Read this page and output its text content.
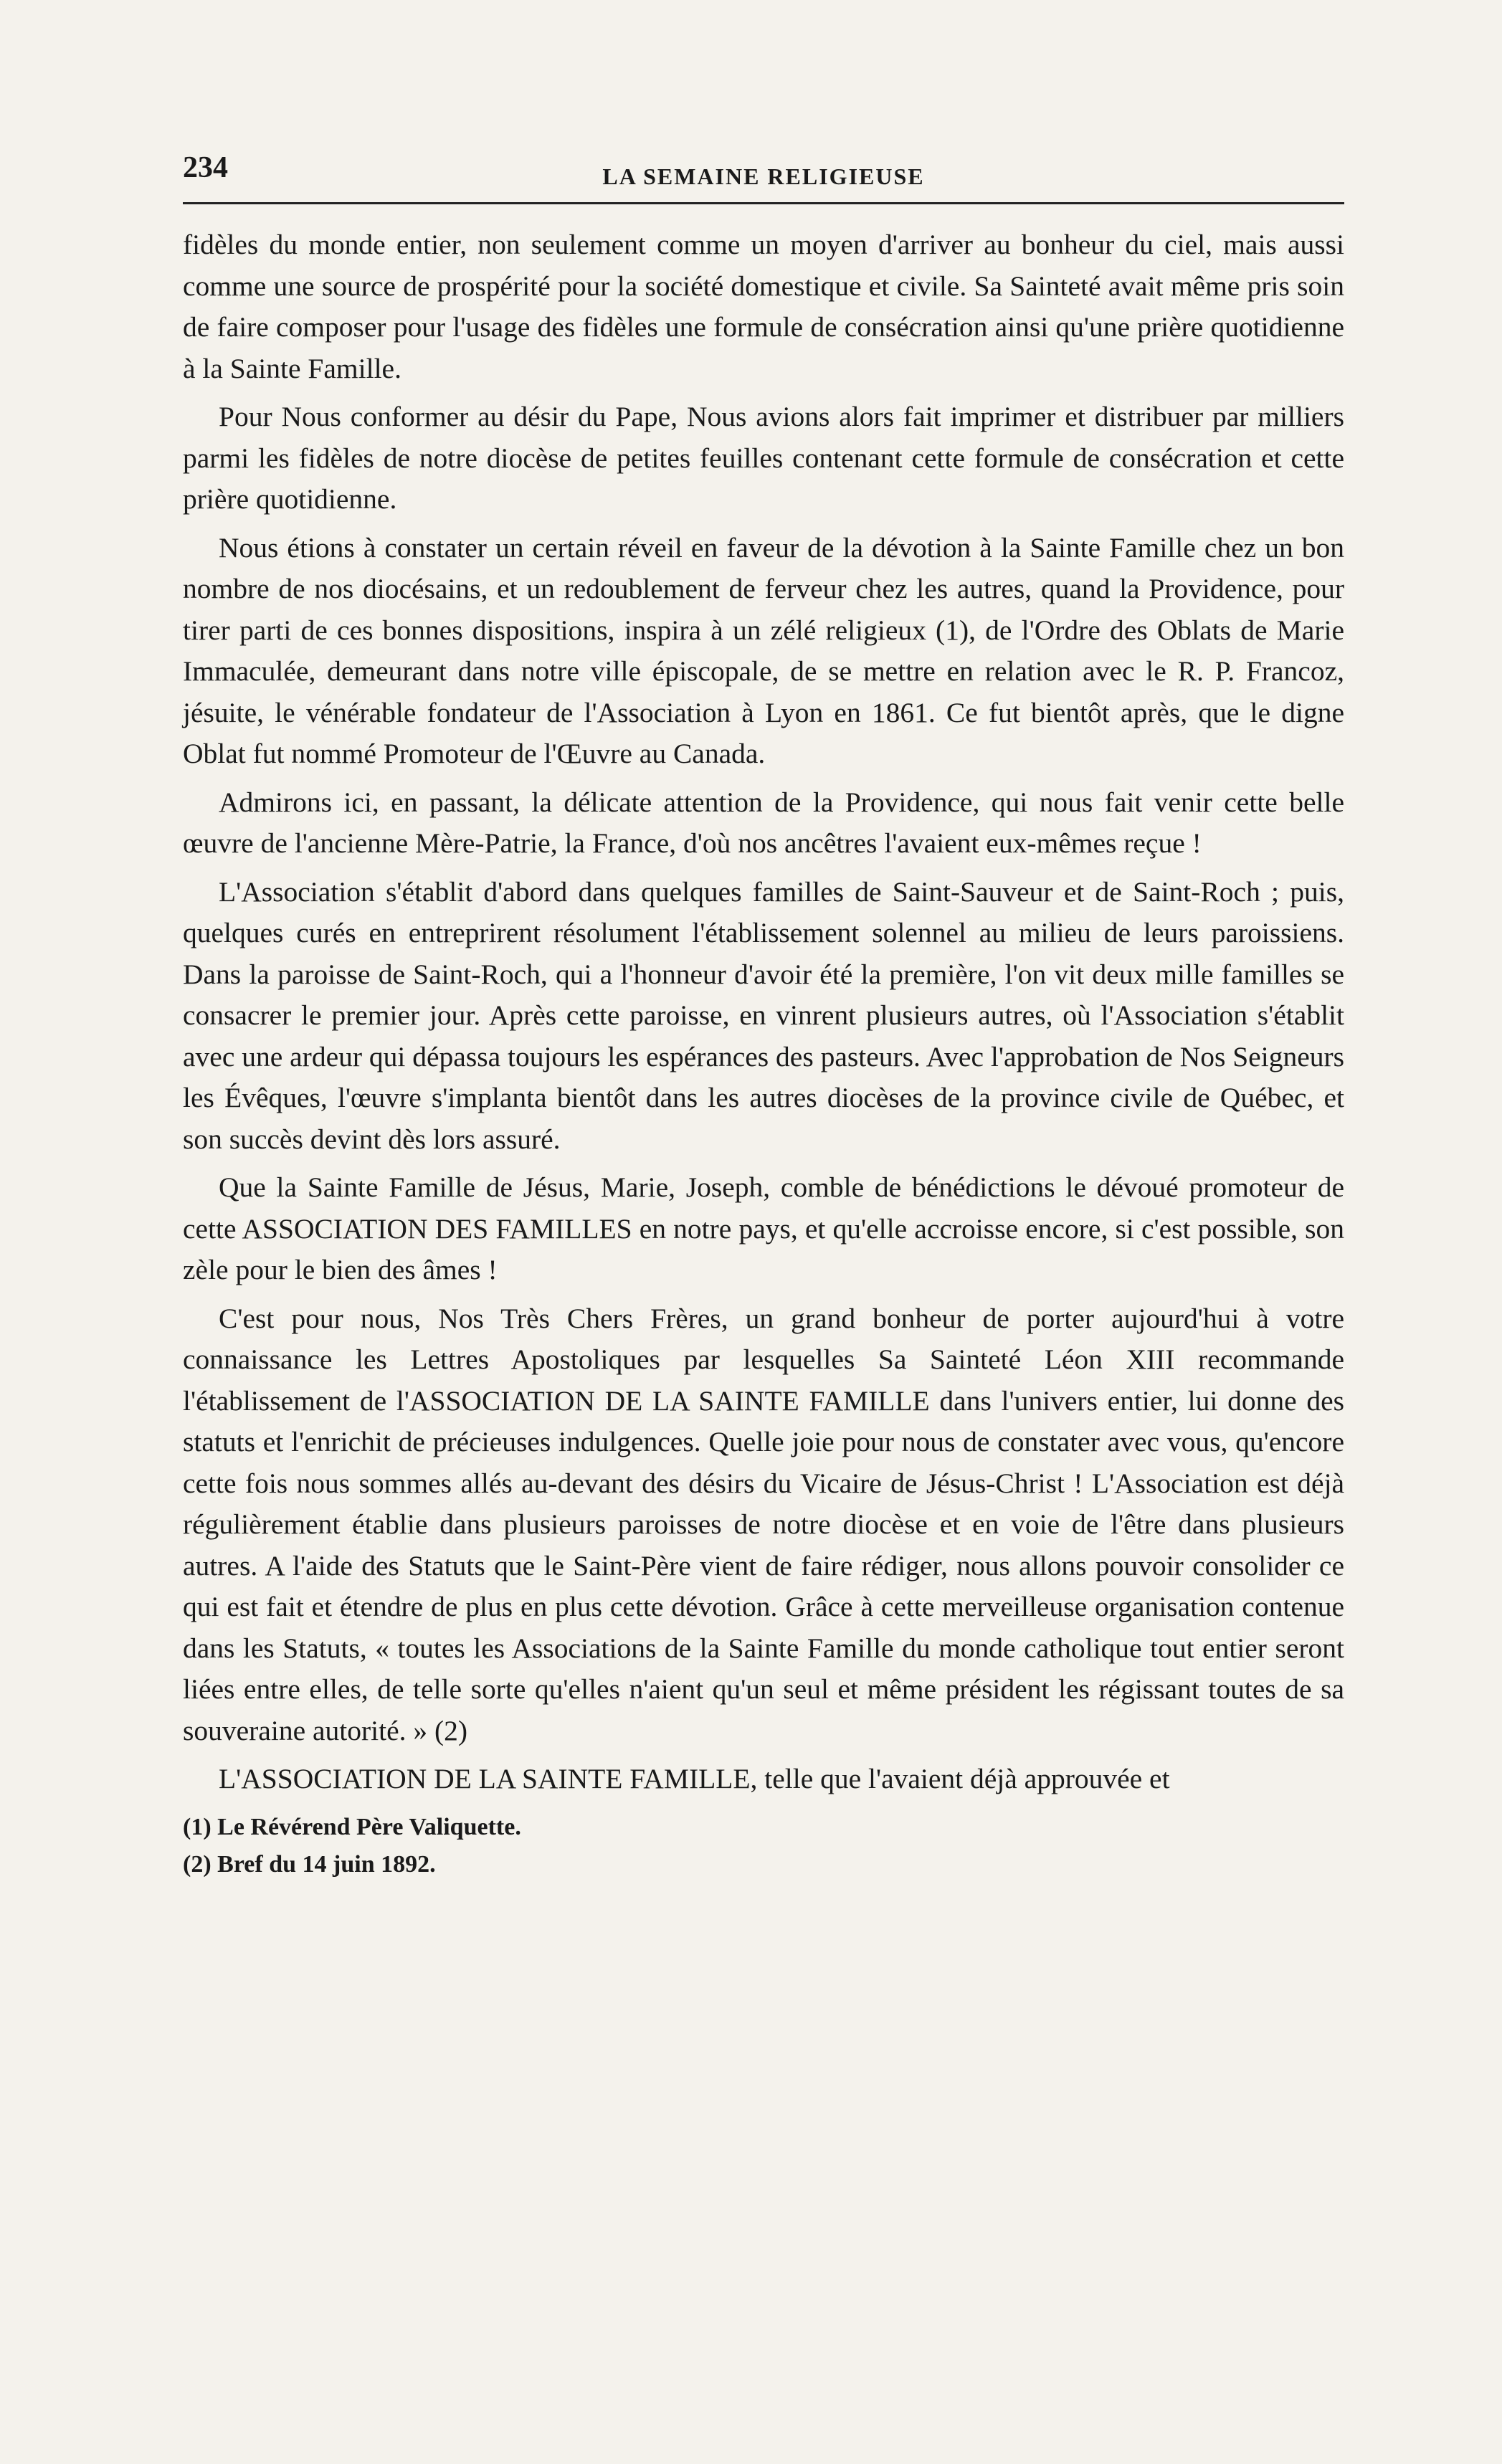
234	LA SEMAINE RELIGIEUSE

fidèles du monde entier, non seulement comme un moyen d'arriver au bonheur du ciel, mais aussi comme une source de prospérité pour la société domestique et civile. Sa Sainteté avait même pris soin de faire composer pour l'usage des fidèles une formule de consécration ainsi qu'une prière quotidienne à la Sainte Famille.

Pour Nous conformer au désir du Pape, Nous avions alors fait imprimer et distribuer par milliers parmi les fidèles de notre diocèse de petites feuilles contenant cette formule de consécration et cette prière quotidienne.

Nous étions à constater un certain réveil en faveur de la dévotion à la Sainte Famille chez un bon nombre de nos diocésains, et un redoublement de ferveur chez les autres, quand la Providence, pour tirer parti de ces bonnes dispositions, inspira à un zélé religieux (1), de l'Ordre des Oblats de Marie Immaculée, demeurant dans notre ville épiscopale, de se mettre en relation avec le R. P. Francoz, jésuite, le vénérable fondateur de l'Association à Lyon en 1861. Ce fut bientôt après, que le digne Oblat fut nommé Promoteur de l'Œuvre au Canada.

Admirons ici, en passant, la délicate attention de la Providence, qui nous fait venir cette belle œuvre de l'ancienne Mère-Patrie, la France, d'où nos ancêtres l'avaient eux-mêmes reçue !

L'Association s'établit d'abord dans quelques familles de Saint-Sauveur et de Saint-Roch ; puis, quelques curés en entreprirent résolument l'établissement solennel au milieu de leurs paroissiens. Dans la paroisse de Saint-Roch, qui a l'honneur d'avoir été la première, l'on vit deux mille familles se consacrer le premier jour. Après cette paroisse, en vinrent plusieurs autres, où l'Association s'établit avec une ardeur qui dépassa toujours les espérances des pasteurs. Avec l'approbation de Nos Seigneurs les Évêques, l'œuvre s'implanta bientôt dans les autres diocèses de la province civile de Québec, et son succès devint dès lors assuré.

Que la Sainte Famille de Jésus, Marie, Joseph, comble de bénédictions le dévoué promoteur de cette ASSOCIATION DES FAMILLES en notre pays, et qu'elle accroisse encore, si c'est possible, son zèle pour le bien des âmes !

C'est pour nous, Nos Très Chers Frères, un grand bonheur de porter aujourd'hui à votre connaissance les Lettres Apostoliques par lesquelles Sa Sainteté Léon XIII recommande l'établissement de l'ASSOCIATION DE LA SAINTE FAMILLE dans l'univers entier, lui donne des statuts et l'enrichit de précieuses indulgences. Quelle joie pour nous de constater avec vous, qu'encore cette fois nous sommes allés au-devant des désirs du Vicaire de Jésus-Christ ! L'Association est déjà régulièrement établie dans plusieurs paroisses de notre diocèse et en voie de l'être dans plusieurs autres. A l'aide des Statuts que le Saint-Père vient de faire rédiger, nous allons pouvoir consolider ce qui est fait et étendre de plus en plus cette dévotion. Grâce à cette merveilleuse organisation contenue dans les Statuts, « toutes les Associations de la Sainte Famille du monde catholique tout entier seront liées entre elles, de telle sorte qu'elles n'aient qu'un seul et même président les régissant toutes de sa souveraine autorité. » (2)

L'ASSOCIATION DE LA SAINTE FAMILLE, telle que l'avaient déjà approuvée et

(1) Le Révérend Père Valiquette.
(2) Bref du 14 juin 1892.
